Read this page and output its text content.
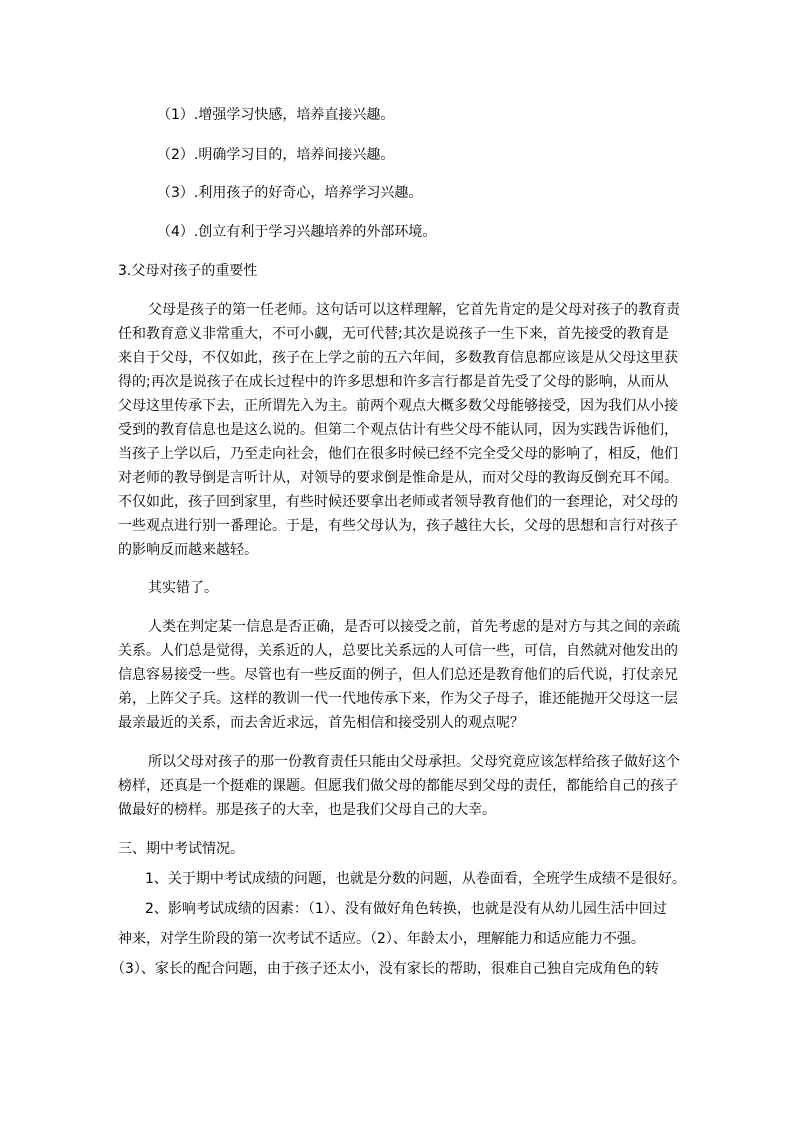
（1）.增强学习快感，培养直接兴趣。
（2）.明确学习目的，培养间接兴趣。
（3）.利用孩子的好奇心，培养学习兴趣。
（4）.创立有利于学习兴趣培养的外部环境。
3.父母对孩子的重要性
父母是孩子的第一任老师。这句话可以这样理解，它首先肯定的是父母对孩子的教育责
任和教育意义非常重大，不可小觑，无可代替;其次是说孩子一生下来，首先接受的教育是
来自于父母，不仅如此，孩子在上学之前的五六年间，多数教育信息都应该是从父母这里获
得的;再次是说孩子在成长过程中的许多思想和许多言行都是首先受了父母的影响，从而从
父母这里传承下去，正所谓先入为主。前两个观点大概多数父母能够接受，因为我们从小接
受到的教育信息也是这么说的。但第二个观点估计有些父母不能认同，因为实践告诉他们，
当孩子上学以后，乃至走向社会，他们在很多时候已经不完全受父母的影响了，相反，他们
对老师的教导倒是言听计从，对领导的要求倒是惟命是从，而对父母的教诲反倒充耳不闻。
不仅如此，孩子回到家里，有些时候还要拿出老师或者领导教育他们的一套理论，对父母的
一些观点进行别一番理论。于是，有些父母认为，孩子越往大长，父母的思想和言行对孩子
的影响反而越来越轻。
其实错了。
人类在判定某一信息是否正确，是否可以接受之前，首先考虑的是对方与其之间的亲疏
关系。人们总是觉得，关系近的人，总要比关系远的人可信一些，可信，自然就对他发出的
信息容易接受一些。尽管也有一些反面的例子，但人们总还是教育他们的后代说，打仗亲兄
弟，上阵父子兵。这样的教训一代一代地传承下来，作为父子母子，谁还能抛开父母这一层
最亲最近的关系，而去舍近求远，首先相信和接受别人的观点呢？
所以父母对孩子的那一份教育责任只能由父母承担。父母究竟应该怎样给孩子做好这个
榜样，还真是一个挺难的课题。但愿我们做父母的都能尽到父母的责任，都能给自己的孩子
做最好的榜样。那是孩子的大幸，也是我们父母自己的大幸。
三、期中考试情况。
1、关于期中考试成绩的问题，也就是分数的问题，从卷面看，全班学生成绩不是很好。
2、影响考试成绩的因素：（1）、没有做好角色转换，也就是没有从幼儿园生活中回过
神来，对学生阶段的第一次考试不适应。（2）、年龄太小，理解能力和适应能力不强。
（3）、家长的配合问题，由于孩子还太小，没有家长的帮助，很难自己独自完成角色的转
